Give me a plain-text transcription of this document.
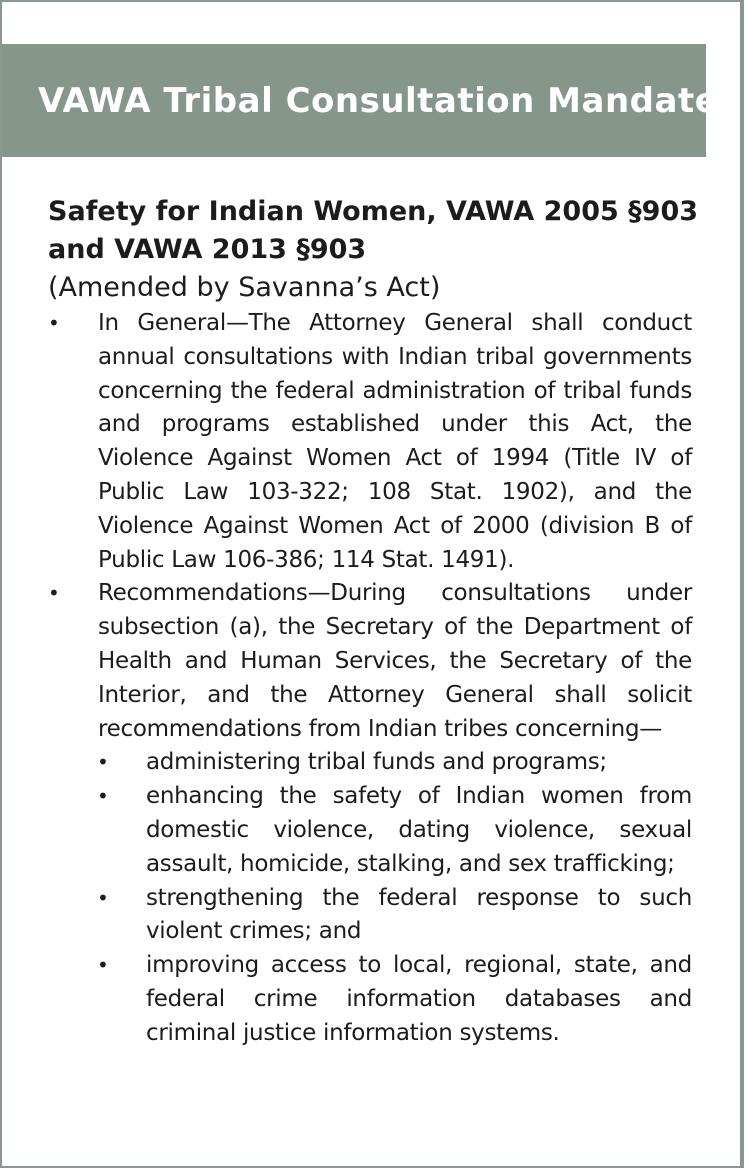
VAWA Tribal Consultation Mandate
Safety for Indian Women, VAWA 2005 §903
and VAWA 2013 §903
(Amended by Savanna’s Act)
• In General—The Attorney General shall conduct annual consultations with Indian tribal governments concerning the federal administration of tribal funds and programs established under this Act, the Violence Against Women Act of 1994 (Title IV of Public Law 103-322; 108 Stat. 1902), and the Violence Against Women Act of 2000 (division B of Public Law 106-386; 114 Stat. 1491).
• Recommendations—During consultations under subsection (a), the Secretary of the Department of Health and Human Services, the Secretary of the Interior, and the Attorney General shall solicit recommendations from Indian tribes concerning—
• administering tribal funds and programs;
• enhancing the safety of Indian women from domestic violence, dating violence, sexual assault, homicide, stalking, and sex trafficking;
• strengthening the federal response to such violent crimes; and
• improving access to local, regional, state, and federal crime information databases and criminal justice information systems.
